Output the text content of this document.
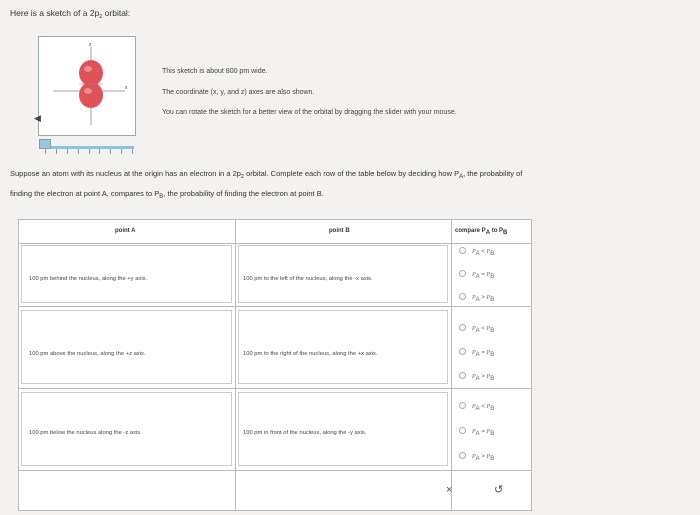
Here is a sketch of a $2p_z$ orbital:
z
x
◀
This sketch is about 800 pm wide.
The coordinate (x, y, and z) axes are also shown.
You can rotate the sketch for a better view of the orbital by dragging the slider with your mouse.
Suppose an atom with its nucleus at the origin has an electron in a $2p_z$ orbital. Complete each row of the table below by deciding how $P_A$, the probability of
finding the electron at point A, compares to $P_B$, the probability of finding the electron at point B.
point A	point B	compare PA to PB
100 pm behind the nucleus, along the +y axis.	100 pm to the left of the nucleus, along the -x axis.
PA < PB
PA = PB
PA > PB
100 pm above the nucleus, along the +z axis.	100 pm to the right of the nucleus, along the +x axis.
PA < PB
PA = PB
PA > PB
100 pm below the nucleus along the -z axis.	100 pm in front of the nucleus, along the -y axis.
PA < PB
PA = PB
PA > PB
×	↺
